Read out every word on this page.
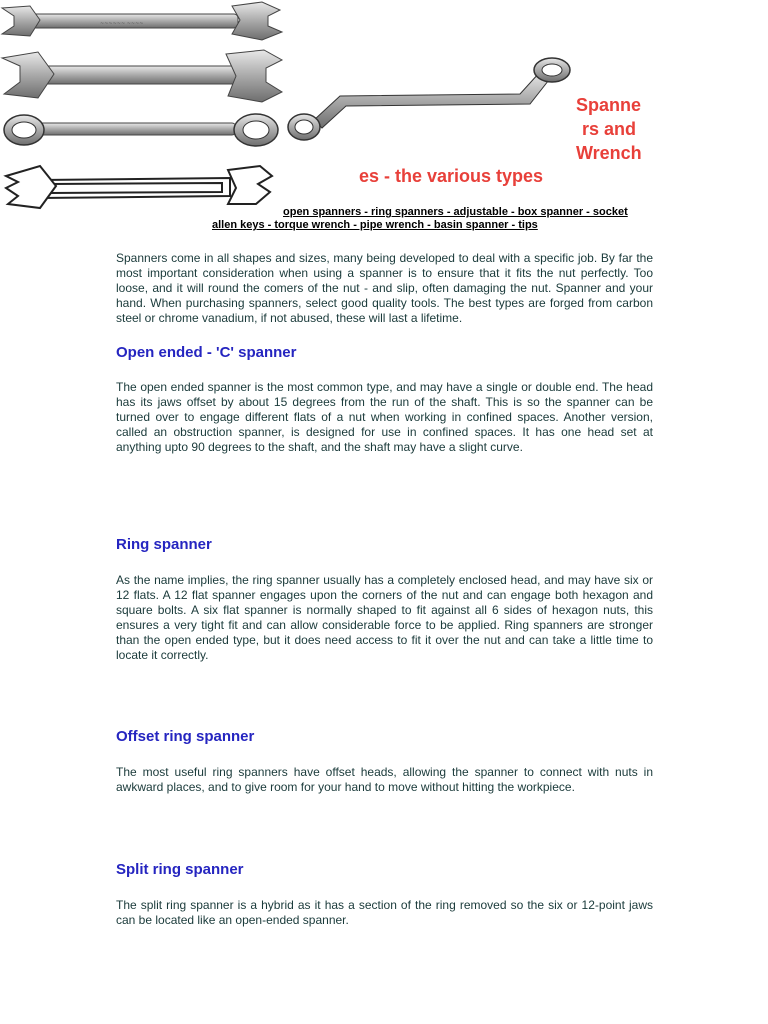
~~~~~~ ~~~~
Spanne
rs and
Wrench
es - the various types
open spanners - ring spanners - adjustable - box spanner - socket
allen keys - torque wrench - pipe wrench - basin spanner - tips

Spanners come in all shapes and sizes, many being developed to deal with a specific job. By far the most important consideration when using a spanner is to ensure that it fits the nut perfectly. Too loose, and it will round the comers of the nut - and slip, often damaging the nut. Spanner and your hand. When purchasing spanners, select good quality tools. The best types are forged from carbon steel or chrome vanadium, if not abused, these will last a lifetime.

Open ended - 'C' spanner

The open ended spanner is the most common type, and may have a single or double end. The head has its jaws offset by about 15 degrees from the run of the shaft. This is so the spanner can be turned over to engage different flats of a nut when working in confined spaces. Another version, called an obstruction spanner, is designed for use in confined spaces. It has one head set at anything upto 90 degrees to the shaft, and the shaft may have a slight curve.

Ring spanner

As the name implies, the ring spanner usually has a completely enclosed head, and may have six or 12 flats. A 12 flat spanner engages upon the corners of the nut and can engage both hexagon and square bolts. A six flat spanner is normally shaped to fit against all 6 sides of hexagon nuts, this ensures a very tight fit and can allow considerable force to be applied. Ring spanners are stronger than the open ended type, but it does need access to fit it over the nut and can take a little time to locate it correctly.

Offset ring spanner

The most useful ring spanners have offset heads, allowing the spanner to connect with nuts in awkward places, and to give room for your hand to move without hitting the workpiece.

Split ring spanner

The split ring spanner is a hybrid as it has a section of the ring removed so the six or 12-point jaws can be located like an open-ended spanner.
